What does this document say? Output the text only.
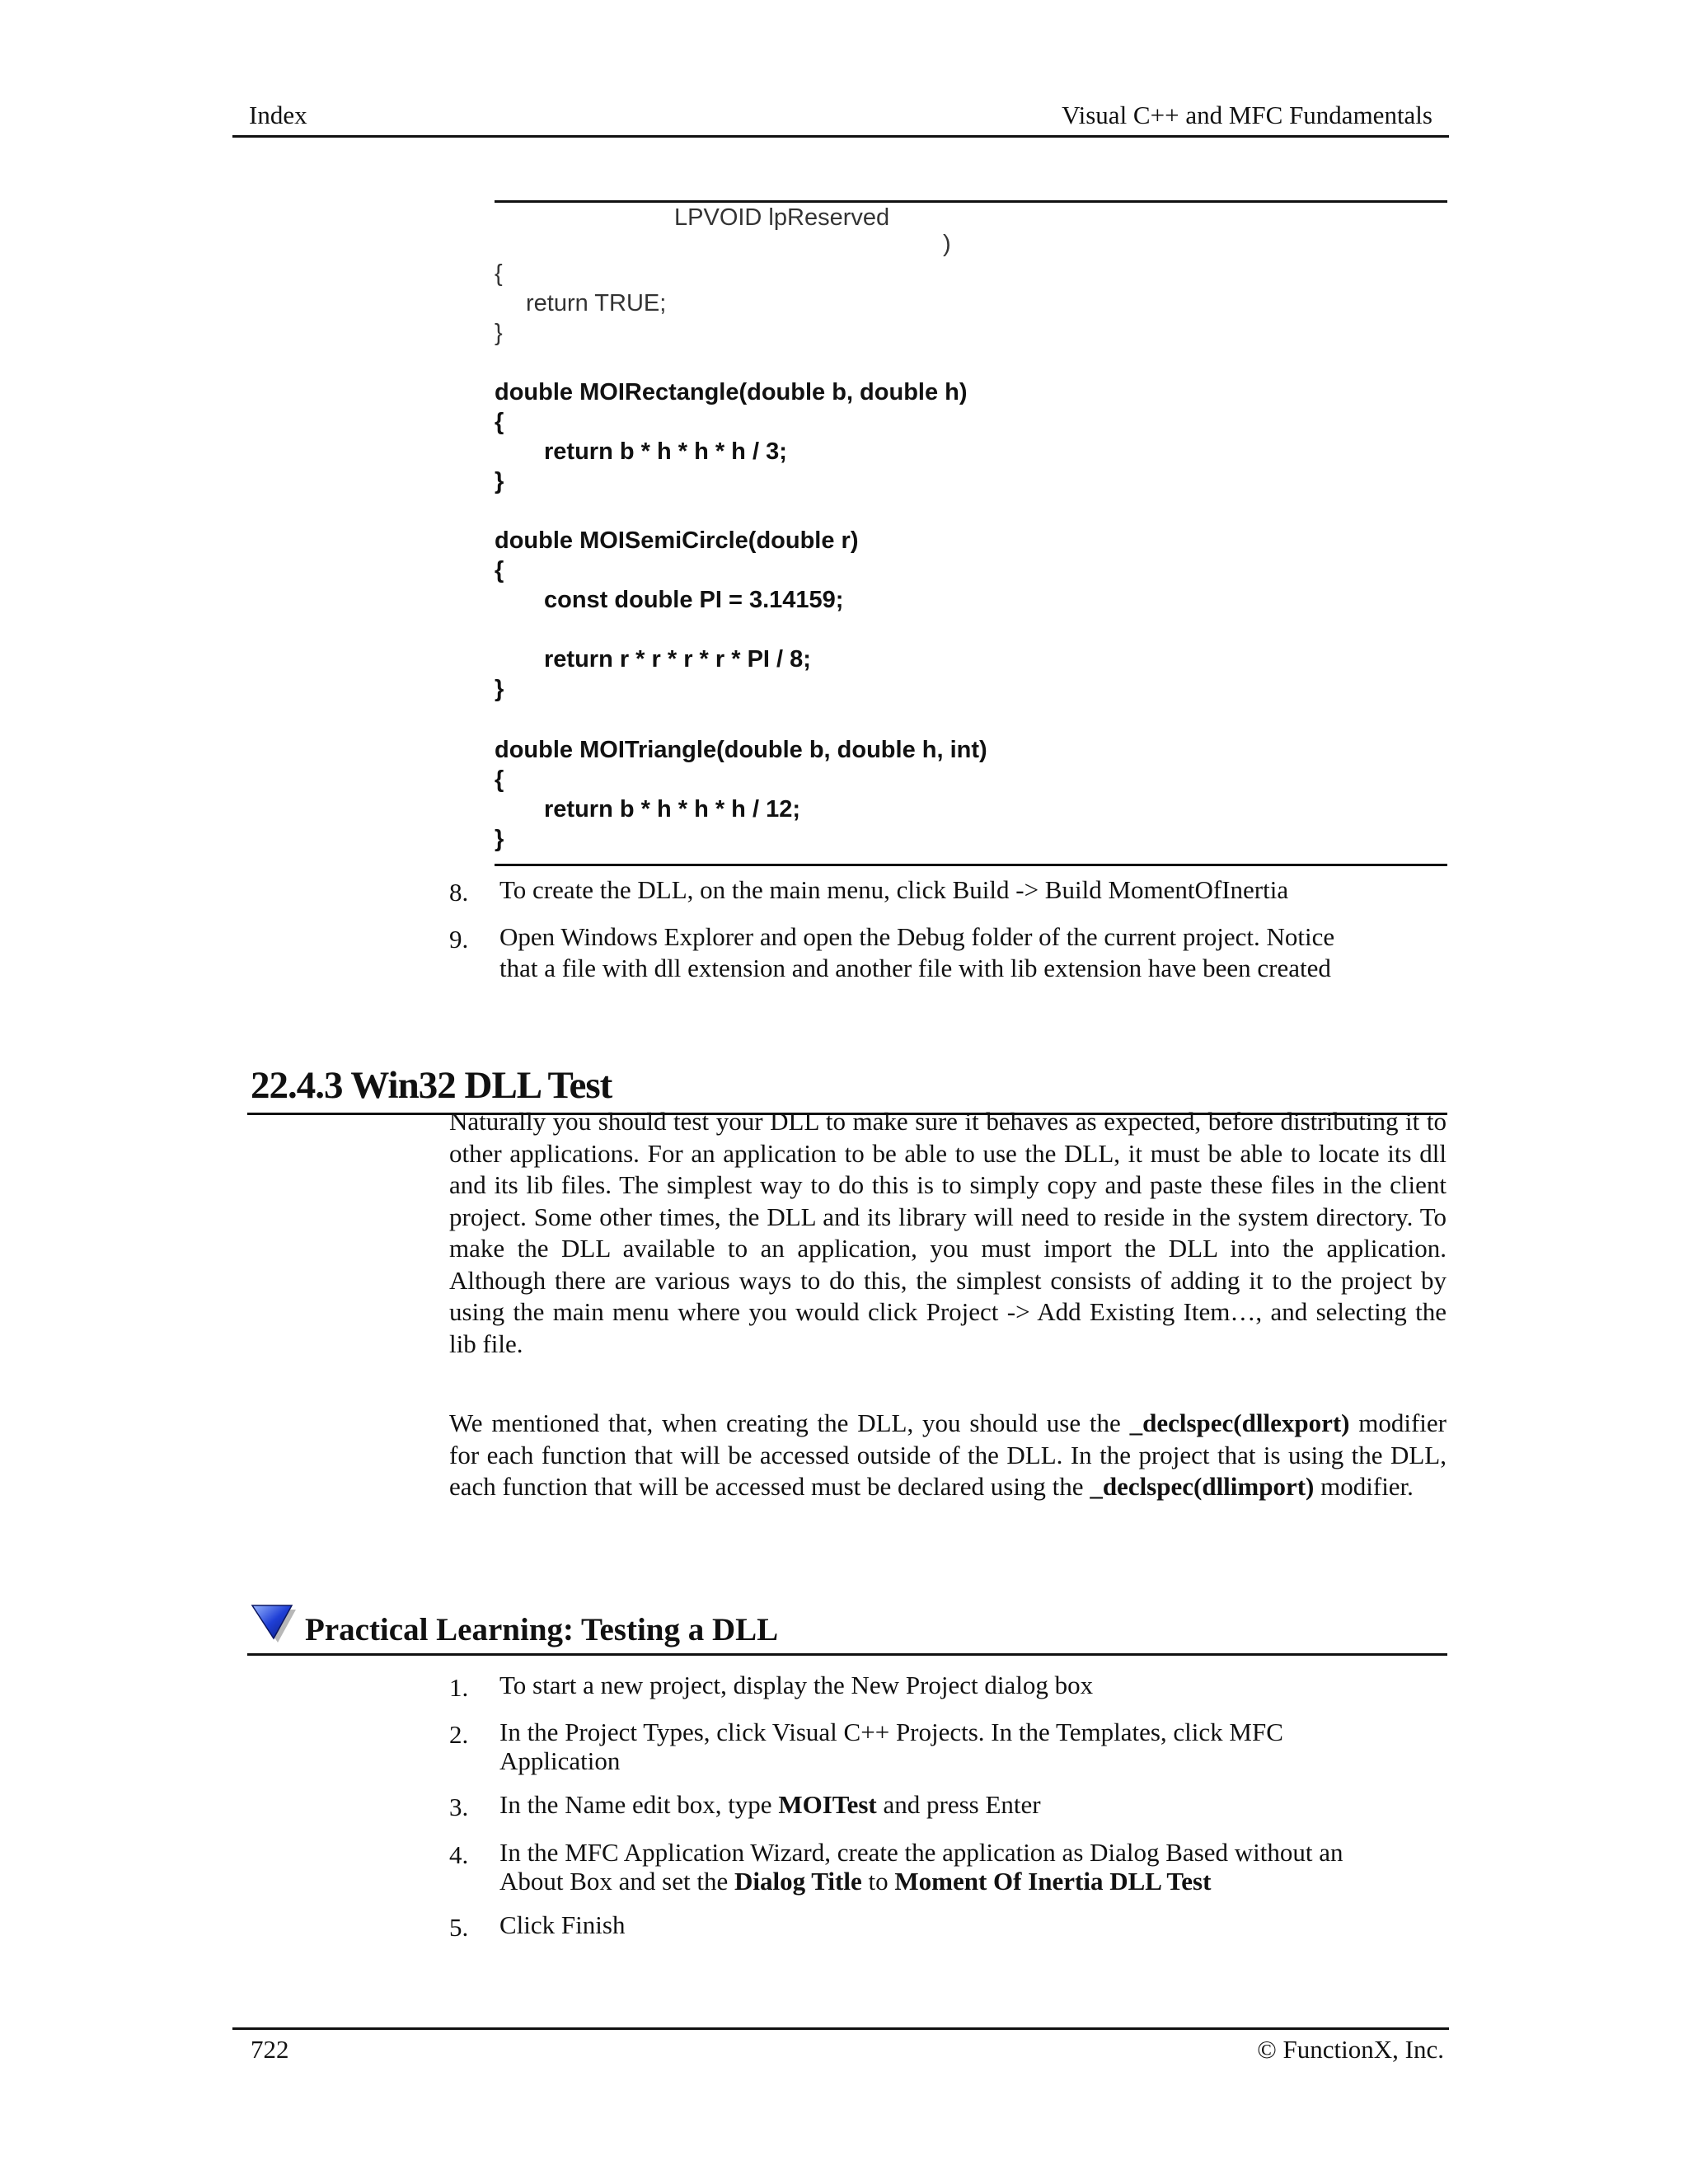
Index	Visual C++ and MFC Fundamentals
LPVOID lpReserved
)
{
return TRUE;
}
double MOIRectangle(double b, double h)
{
return b * h * h * h / 3;
}
double MOISemiCircle(double r)
{
const double PI = 3.14159;
return r * r * r * r * PI / 8;
}
double MOITriangle(double b, double h, int)
{
return b * h * h * h / 12;
}
8. To create the DLL, on the main menu, click Build -> Build MomentOfInertia
9. Open Windows Explorer and open the Debug folder of the current project. Notice
that a file with dll extension and another file with lib extension have been created
22.4.3 Win32 DLL Test

Naturally you should test your DLL to make sure it behaves as expected, before distributing it to other applications. For an application to be able to use the DLL, it must be able to locate its dll and its lib files. The simplest way to do this is to simply copy and paste these files in the client project. Some other times, the DLL and its library will need to reside in the system directory. To make the DLL available to an application, you must import the DLL into the application. Although there are various ways to do this, the simplest consists of adding it to the project by using the main menu where you would click Project -> Add Existing Item…, and selecting the lib file.

We mentioned that, when creating the DLL, you should use the _declspec(dllexport) modifier for each function that will be accessed outside of the DLL. In the project that is using the DLL, each function that will be accessed must be declared using the _declspec(dllimport) modifier.

Practical Learning: Testing a DLL
1. To start a new project, display the New Project dialog box
2. In the Project Types, click Visual C++ Projects. In the Templates, click MFC
Application
3. In the Name edit box, type MOITest and press Enter
4. In the MFC Application Wizard, create the application as Dialog Based without an
About Box and set the Dialog Title to Moment Of Inertia DLL Test
5. Click Finish
722	© FunctionX, Inc.
